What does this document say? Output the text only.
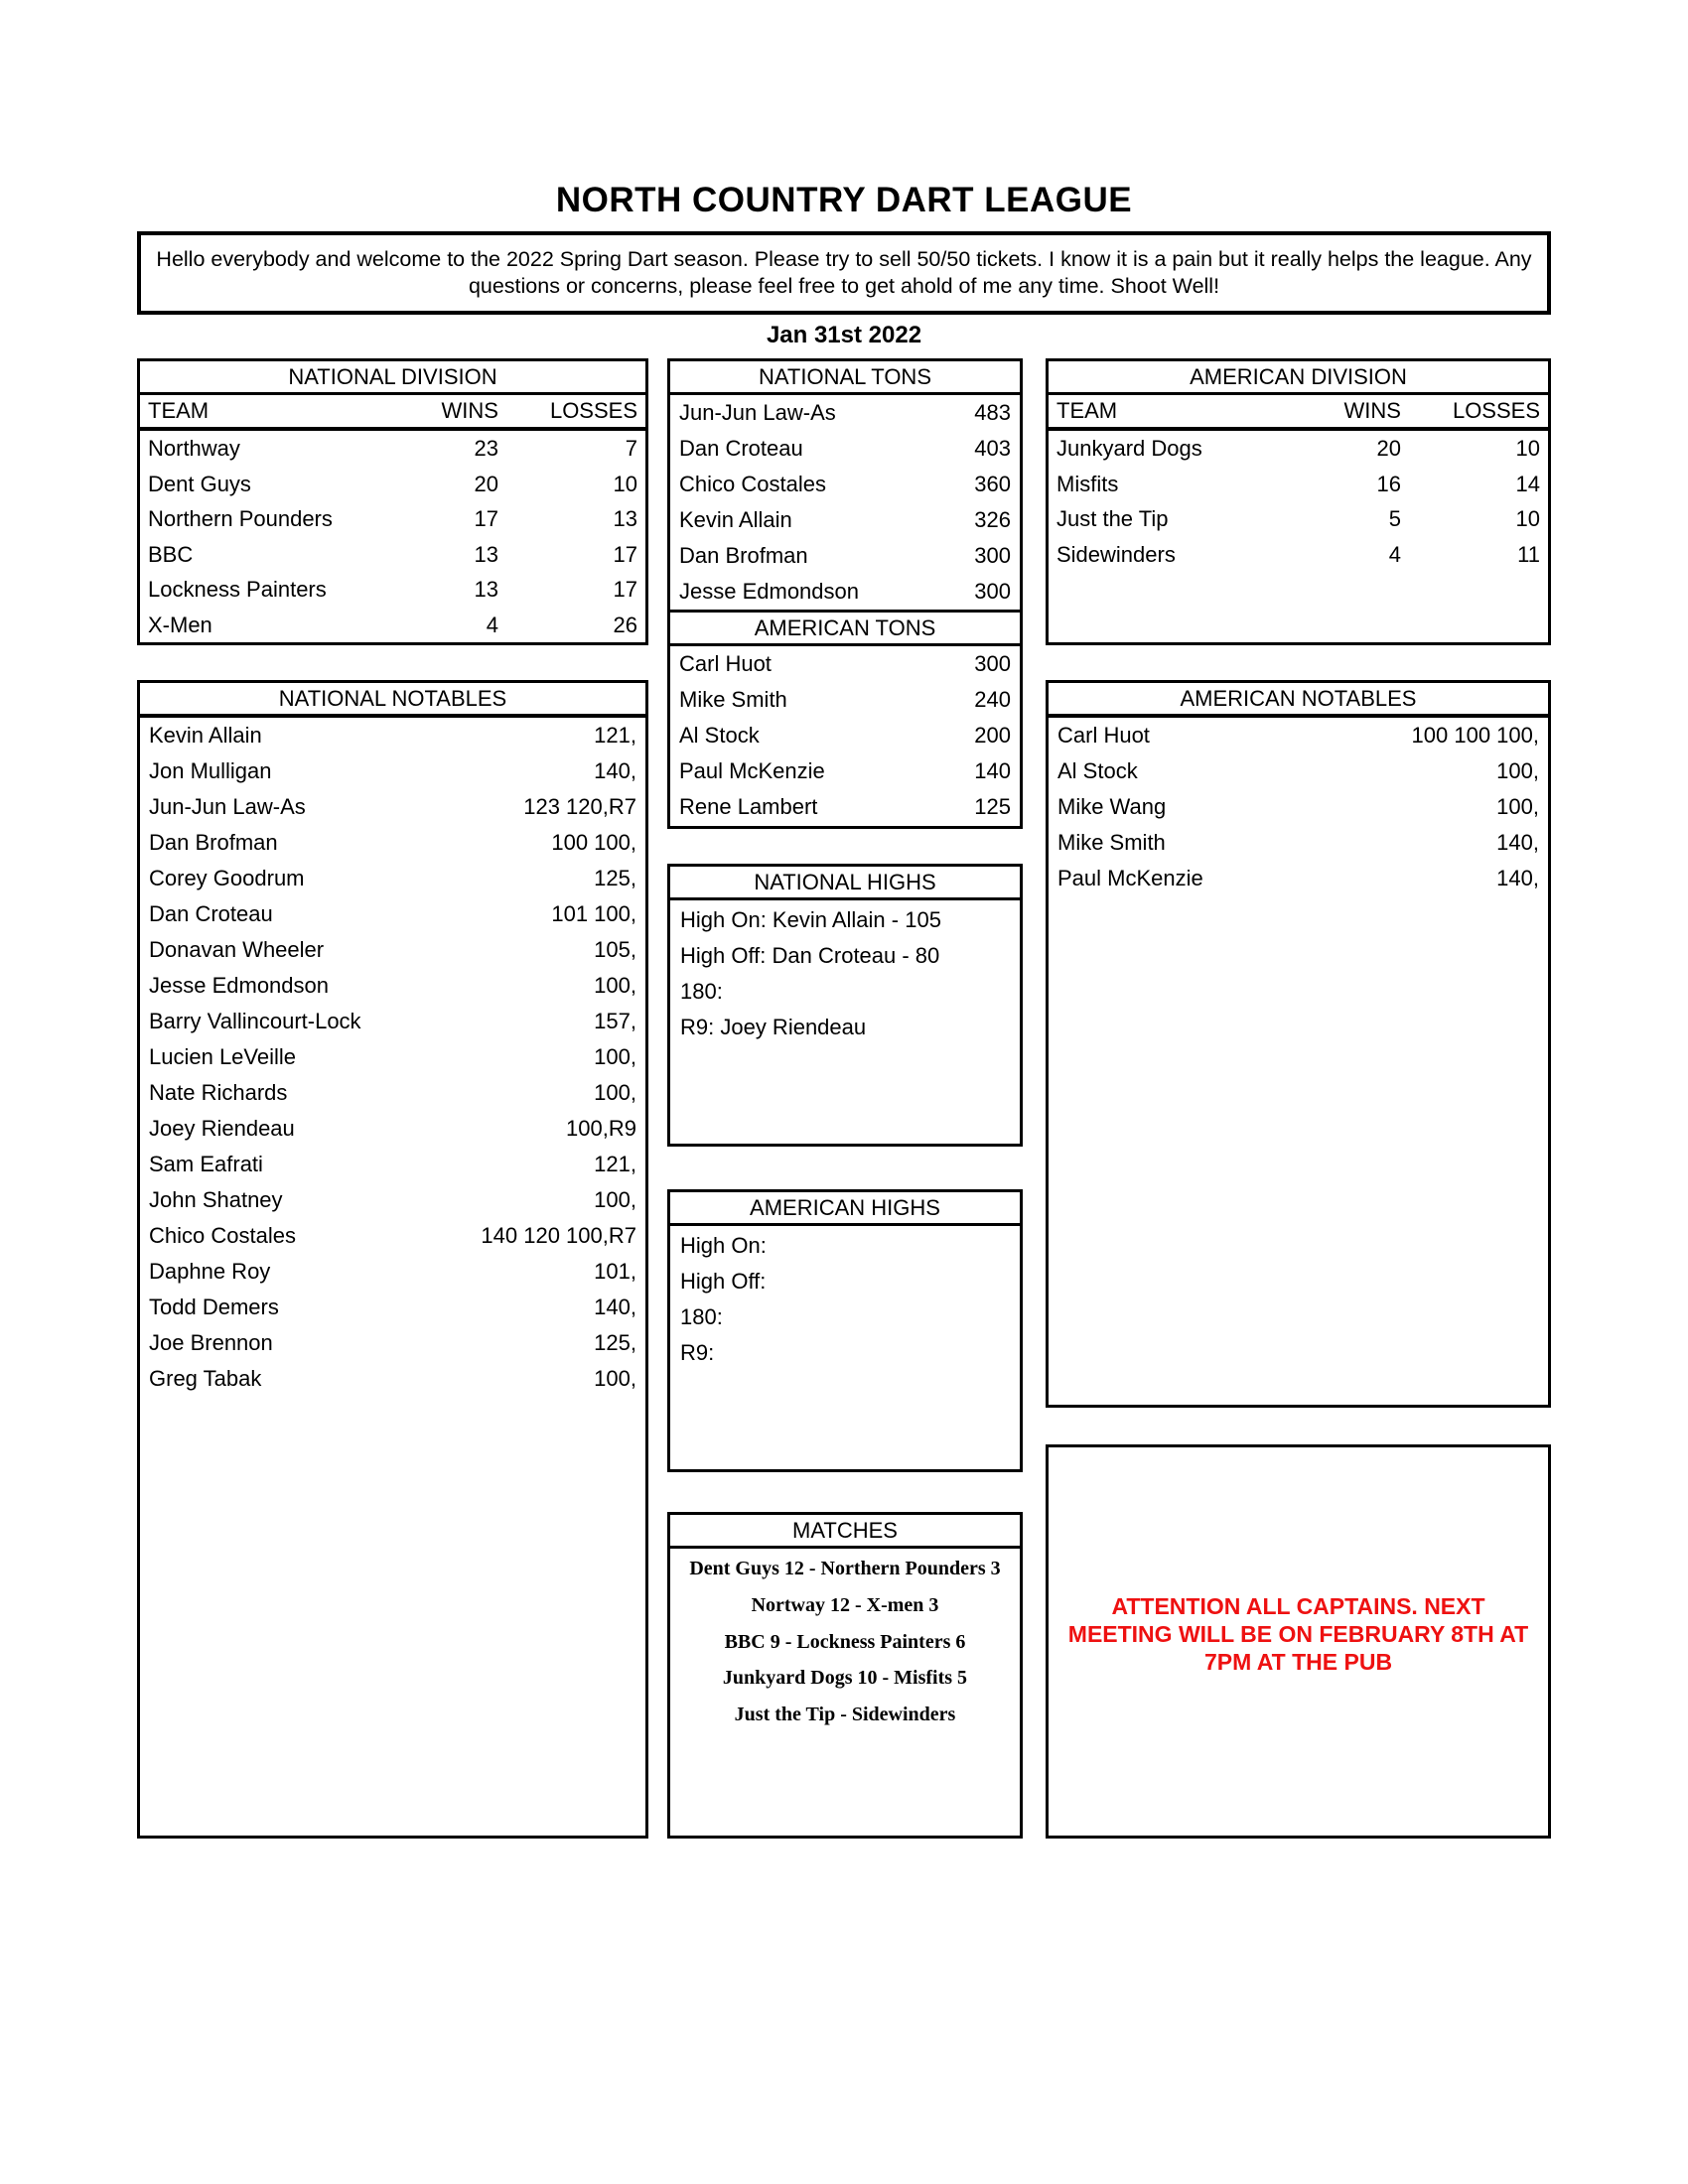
NORTH COUNTRY DART LEAGUE

Hello everybody and welcome to the 2022 Spring Dart season. Please try to sell 50/50 tickets. I know it is a pain but it really helps the league. Any questions or concerns, please feel free to get ahold of me any time. Shoot Well!

Jan 31st 2022
NATIONAL DIVISION
TEAM	WINS	LOSSES
Northway	23	7
Dent Guys	20	10
Northern Pounders	17	13
BBC	13	17
Lockness Painters	13	17
X-Men	4	26
NATIONAL NOTABLES
Kevin Allain	121,
Jon Mulligan	140,
Jun-Jun Law-As	123 120,R7
Dan Brofman	100 100,
Corey Goodrum	125,
Dan Croteau	101 100,
Donavan Wheeler	105,
Jesse Edmondson	100,
Barry Vallincourt-Lock	157,
Lucien LeVeille	100,
Nate Richards	100,
Joey Riendeau	100,R9
Sam Eafrati	121,
John Shatney	100,
Chico Costales	140 120 100,R7
Daphne Roy	101,
Todd Demers	140,
Joe Brennon	125,
Greg Tabak	100,
NATIONAL TONS
Jun-Jun Law-As	483
Dan Croteau	403
Chico Costales	360
Kevin Allain	326
Dan Brofman	300
Jesse Edmondson	300
AMERICAN TONS
Carl Huot	300
Mike Smith	240
Al Stock	200
Paul McKenzie	140
Rene Lambert	125
NATIONAL HIGHS
High On: Kevin Allain - 105
High Off: Dan Croteau - 80
180:
R9: Joey Riendeau
AMERICAN HIGHS
High On:
High Off:
180:
R9:
MATCHES
Dent Guys 12 - Northern Pounders 3
Nortway 12 - X-men 3
BBC 9 - Lockness Painters 6
Junkyard Dogs 10 - Misfits 5
Just the Tip - Sidewinders
AMERICAN DIVISION
TEAM	WINS	LOSSES
Junkyard Dogs	20	10
Misfits	16	14
Just the Tip	5	10
Sidewinders	4	11
AMERICAN NOTABLES
Carl Huot	100 100 100,
Al Stock	100,
Mike Wang	100,
Mike Smith	140,
Paul McKenzie	140,
ATTENTION ALL CAPTAINS. NEXT MEETING WILL BE ON FEBRUARY 8TH AT 7PM AT THE PUB
